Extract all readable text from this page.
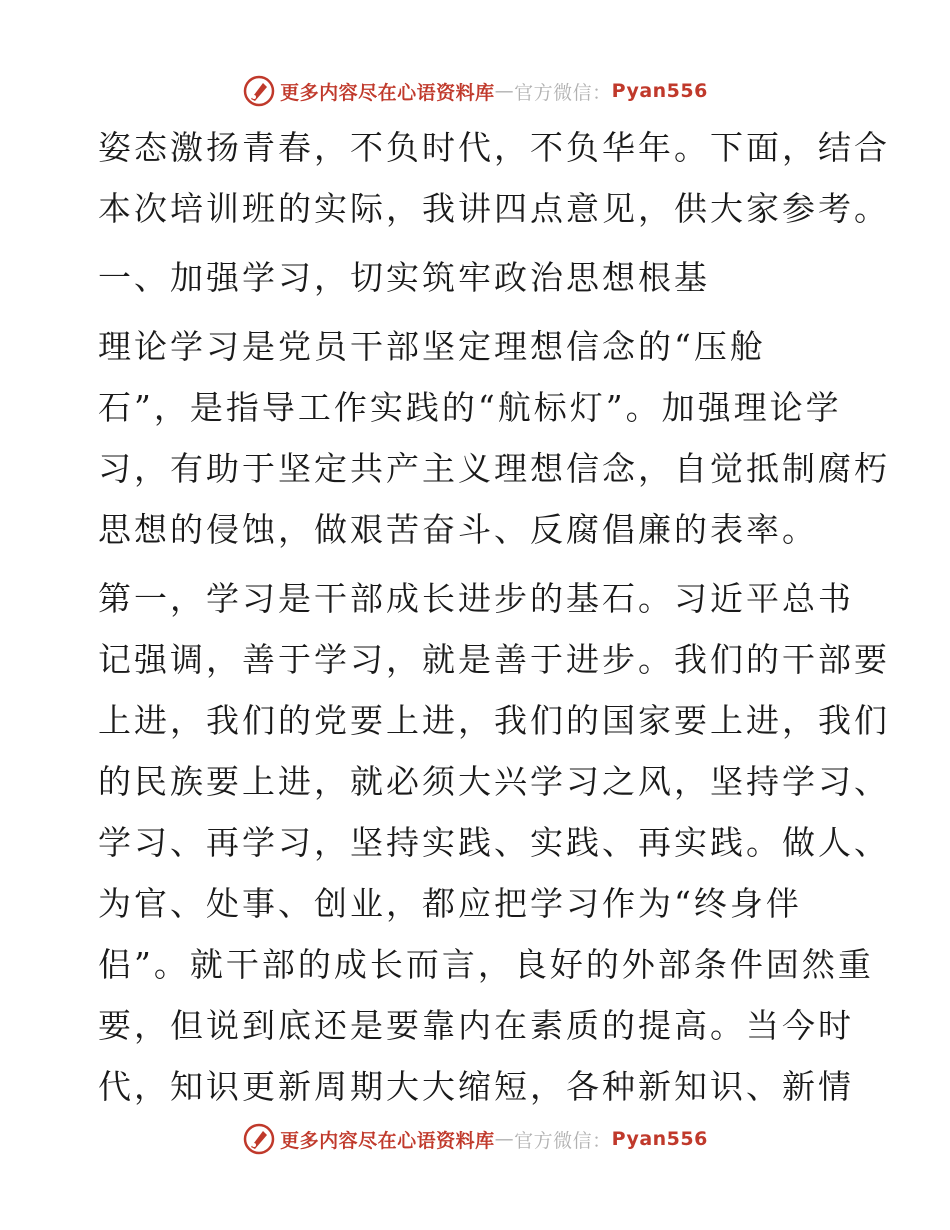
更多内容尽在心语资料库 — 官方微信： Pyan556
姿态激扬青春，不负时代，不负华年。下面，结合
本次培训班的实际，我讲四点意见，供大家参考。
一、加强学习，切实筑牢政治思想根基
理论学习是党员干部坚定理想信念的“压舱
石”，是指导工作实践的“航标灯”。加强理论学
习，有助于坚定共产主义理想信念，自觉抵制腐朽
思想的侵蚀，做艰苦奋斗、反腐倡廉的表率。
第一，学习是干部成长进步的基石。习近平总书
记强调，善于学习，就是善于进步。我们的干部要
上进，我们的党要上进，我们的国家要上进，我们
的民族要上进，就必须大兴学习之风，坚持学习、
学习、再学习，坚持实践、实践、再实践。做人、
为官、处事、创业，都应把学习作为“终身伴
侣”。就干部的成长而言，良好的外部条件固然重
要，但说到底还是要靠内在素质的提高。当今时
代，知识更新周期大大缩短，各种新知识、新情
更多内容尽在心语资料库 — 官方微信： Pyan556
